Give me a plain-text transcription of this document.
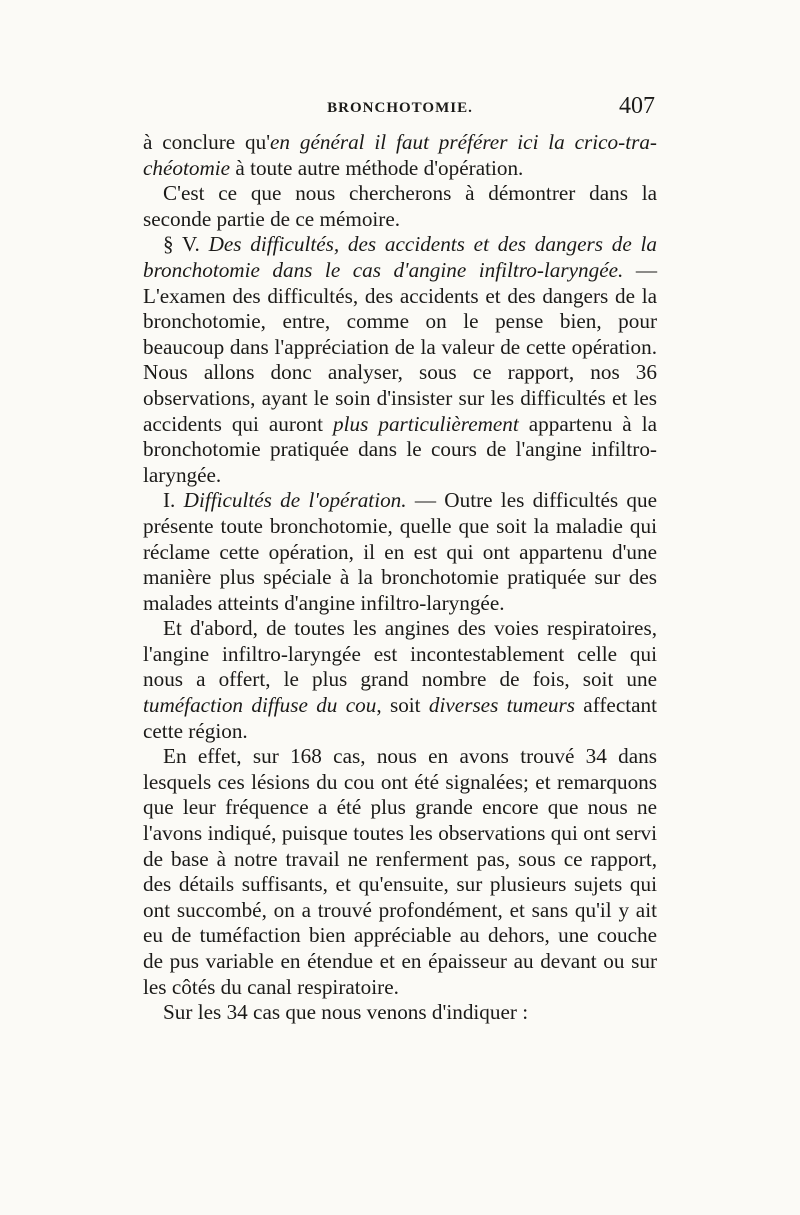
BRONCHOTOMIE.	407

à conclure qu'en général il faut préférer ici la crico-tra-chéotomie à toute autre méthode d'opération.

C'est ce que nous chercherons à démontrer dans la seconde partie de ce mémoire.

§ V. Des difficultés, des accidents et des dangers de la bronchotomie dans le cas d'angine infiltro-laryngée. — L'examen des difficultés, des accidents et des dangers de la bronchotomie, entre, comme on le pense bien, pour beaucoup dans l'appréciation de la valeur de cette opération. Nous allons donc analyser, sous ce rapport, nos 36 observations, ayant le soin d'insister sur les difficultés et les accidents qui auront plus particulièrement appartenu à la bronchotomie pratiquée dans le cours de l'angine infiltro-laryngée.

I. Difficultés de l'opération. — Outre les difficultés que présente toute bronchotomie, quelle que soit la maladie qui réclame cette opération, il en est qui ont appartenu d'une manière plus spéciale à la bronchotomie pratiquée sur des malades atteints d'angine infiltro-laryngée.

Et d'abord, de toutes les angines des voies respiratoires, l'angine infiltro-laryngée est incontestablement celle qui nous a offert, le plus grand nombre de fois, soit une tuméfaction diffuse du cou, soit diverses tumeurs affectant cette région.

En effet, sur 168 cas, nous en avons trouvé 34 dans lesquels ces lésions du cou ont été signalées; et remarquons que leur fréquence a été plus grande encore que nous ne l'avons indiqué, puisque toutes les observations qui ont servi de base à notre travail ne renferment pas, sous ce rapport, des détails suffisants, et qu'ensuite, sur plusieurs sujets qui ont succombé, on a trouvé profondément, et sans qu'il y ait eu de tuméfaction bien appréciable au dehors, une couche de pus variable en étendue et en épaisseur au devant ou sur les côtés du canal respiratoire.

Sur les 34 cas que nous venons d'indiquer :
